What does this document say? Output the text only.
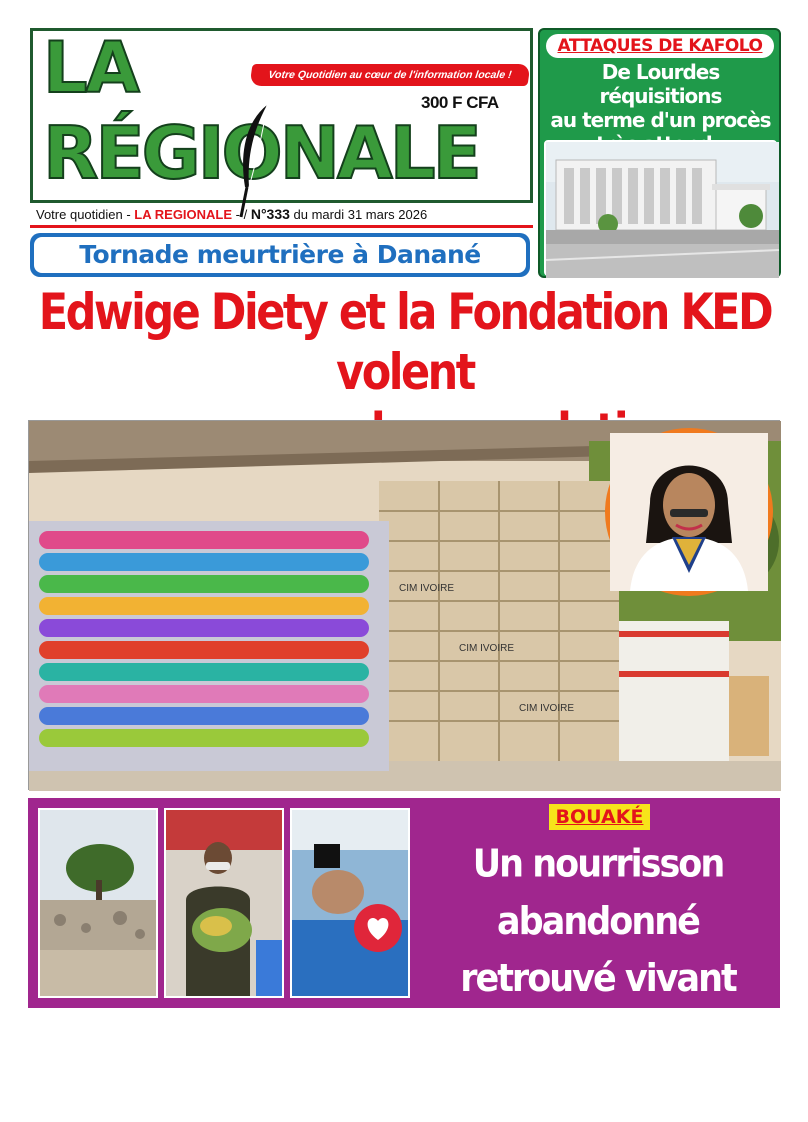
LA	Votre Quotidien au cœur de l'information locale !
300 F CFA
RÉGIONALE
Votre quotidien - LA REGIONALE - / N°333 du mardi 31 mars 2026
ATTAQUES DE KAFOLO
De Lourdes réquisitions
au terme d'un procès
Tornade meurtrière à Danané
Edwige Diety et la Fondation KED volent
CIM IVOIRE
CIM IVOIRE
CIM IVOIRE
BOUAKÉ
Un nourrisson abandonné
retrouvé vivant dans
une décharge
